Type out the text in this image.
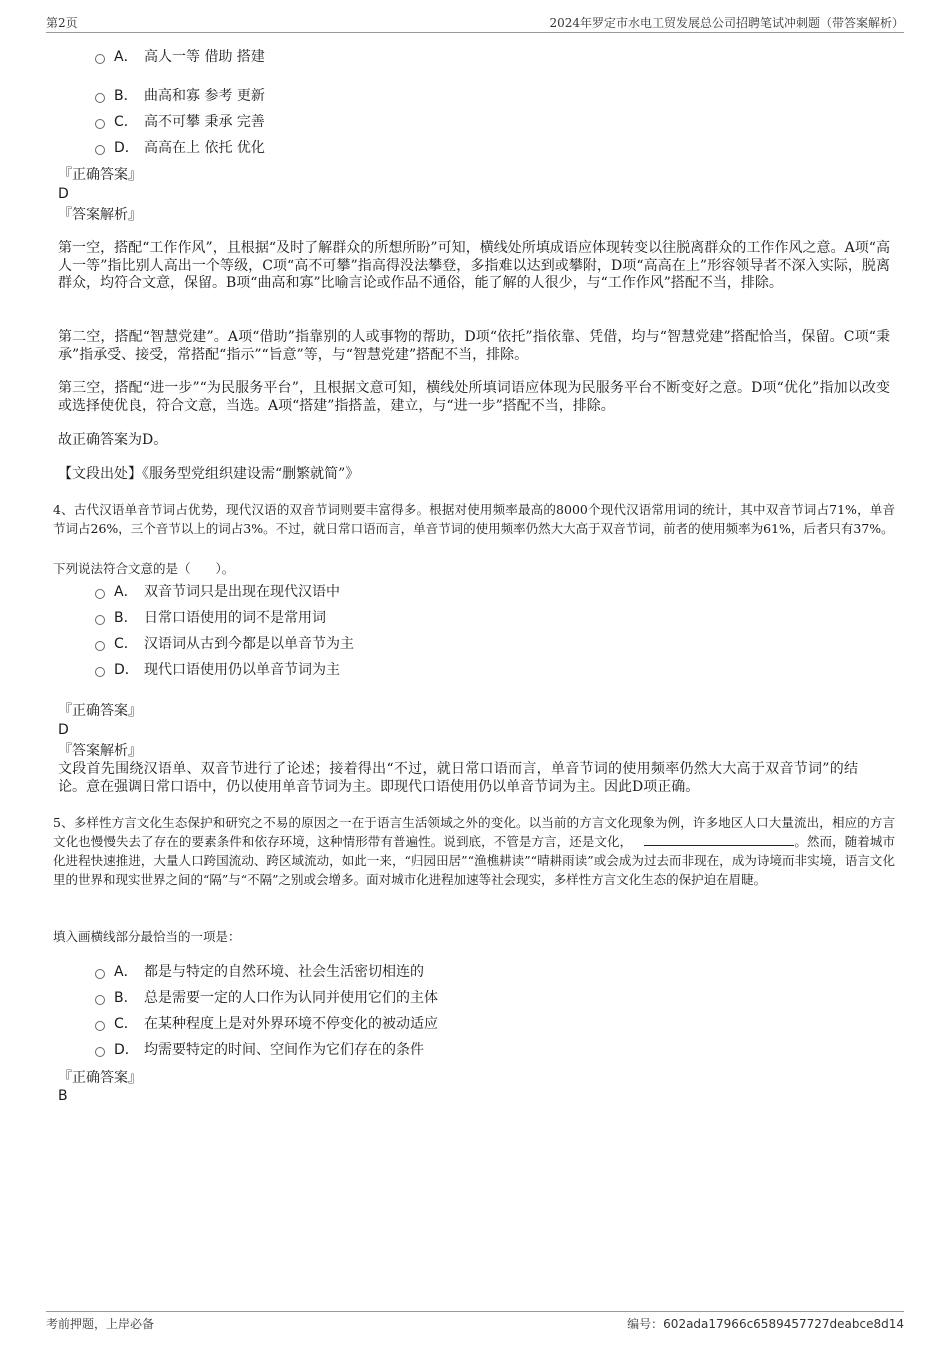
第2页	2024年罗定市水电工贸发展总公司招聘笔试冲刺题（带答案解析）
A． 高人一等 借助 搭建
B． 曲高和寡 参考 更新
C． 高不可攀 秉承 完善
D． 高高在上 依托 优化
『正确答案』
D
『答案解析』
第一空，搭配“工作作风”，且根据“及时了解群众的所想所盼”可知，横线处所填成语应体现转变以往脱离群众的工作作风之意。A项“高人一等”指比别人高出一个等级，C项“高不可攀”指高得没法攀登，多指难以达到或攀附，D项“高高在上”形容领导者不深入实际，脱离群众，均符合文意，保留。B项“曲高和寡”比喻言论或作品不通俗，能了解的人很少，与“工作作风”搭配不当，排除。
第二空，搭配“智慧党建”。A项“借助”指靠别的人或事物的帮助，D项“依托”指依靠、凭借，均与“智慧党建”搭配恰当，保留。C项“秉承”指承受、接受，常搭配“指示”“旨意”等，与“智慧党建”搭配不当，排除。
第三空，搭配“进一步”“为民服务平台”，且根据文意可知，横线处所填词语应体现为民服务平台不断变好之意。D项“优化”指加以改变或选择使优良，符合文意，当选。A项“搭建”指搭盖，建立，与“进一步”搭配不当，排除。
故正确答案为D。
【文段出处】《服务型党组织建设需“删繁就简”》
4、古代汉语单音节词占优势，现代汉语的双音节词则要丰富得多。根据对使用频率最高的8000个现代汉语常用词的统计，其中双音节词占71%，单音节词占26%，三个音节以上的词占3%。不过，就日常口语而言，单音节词的使用频率仍然大大高于双音节词，前者的使用频率为61%，后者只有37%。
下列说法符合文意的是（　　）。
A． 双音节词只是出现在现代汉语中
B． 日常口语使用的词不是常用词
C． 汉语词从古到今都是以单音节为主
D． 现代口语使用仍以单音节词为主
『正确答案』
D
『答案解析』
文段首先围绕汉语单、双音节进行了论述；接着得出“不过，就日常口语而言，单音节词的使用频率仍然大大高于双音节词”的结论。意在强调日常口语中，仍以使用单音节词为主。即现代口语使用仍以单音节词为主。因此D项正确。
5、多样性方言文化生态保护和研究之不易的原因之一在于语言生活领域之外的变化。以当前的方言文化现象为例，许多地区人口大量流出，相应的方言文化也慢慢失去了存在的要素条件和依存环境，这种情形带有普遍性。说到底，不管是方言，还是文化，	。然而，随着城市化进程快速推进，大量人口跨国流动、跨区域流动，如此一来，“归园田居”“渔樵耕读”“晴耕雨读”或会成为过去而非现在，成为诗境而非实境，语言文化里的世界和现实世界之间的“隔”与“不隔”之别或会增多。面对城市化进程加速等社会现实，多样性方言文化生态的保护迫在眉睫。
填入画横线部分最恰当的一项是：
A． 都是与特定的自然环境、社会生活密切相连的
B． 总是需要一定的人口作为认同并使用它们的主体
C． 在某种程度上是对外界环境不停变化的被动适应
D． 均需要特定的时间、空间作为它们存在的条件
『正确答案』
B
考前押题，上岸必备	编号：602ada17966c6589457727deabce8d14
